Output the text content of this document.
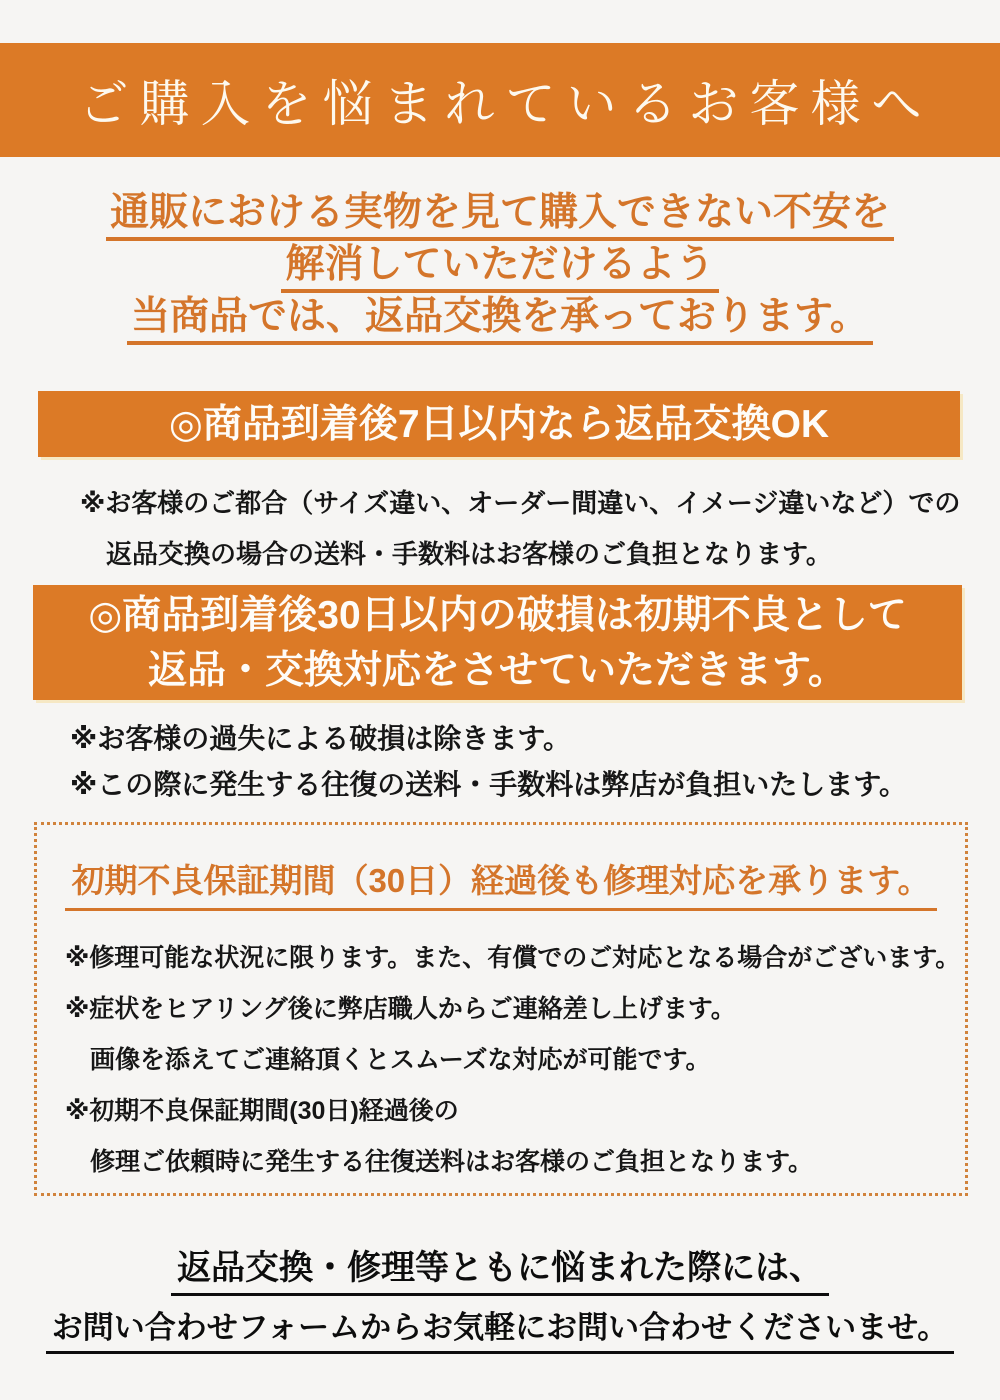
ご購入を悩まれているお客様へ

通販における実物を見て購入できない不安を

解消していただけるよう

当商品では、返品交換を承っております。

◎商品到着後7日以内なら返品交換OK

※お客様のご都合（サイズ違い、オーダー間違い、イメージ違いなど）での

返品交換の場合の送料・手数料はお客様のご負担となります。

◎商品到着後30日以内の破損は初期不良として

返品・交換対応をさせていただきます。

※お客様の過失による破損は除きます。

※この際に発生する往復の送料・手数料は弊店が負担いたします。

初期不良保証期間（30日）経過後も修理対応を承ります。

※修理可能な状況に限ります。また、有償でのご対応となる場合がございます。

※症状をヒアリング後に弊店職人からご連絡差し上げます。

画像を添えてご連絡頂くとスムーズな対応が可能です。

※初期不良保証期間(30日)経過後の

修理ご依頼時に発生する往復送料はお客様のご負担となります。

返品交換・修理等ともに悩まれた際には、

お問い合わせフォームからお気軽にお問い合わせくださいませ。
